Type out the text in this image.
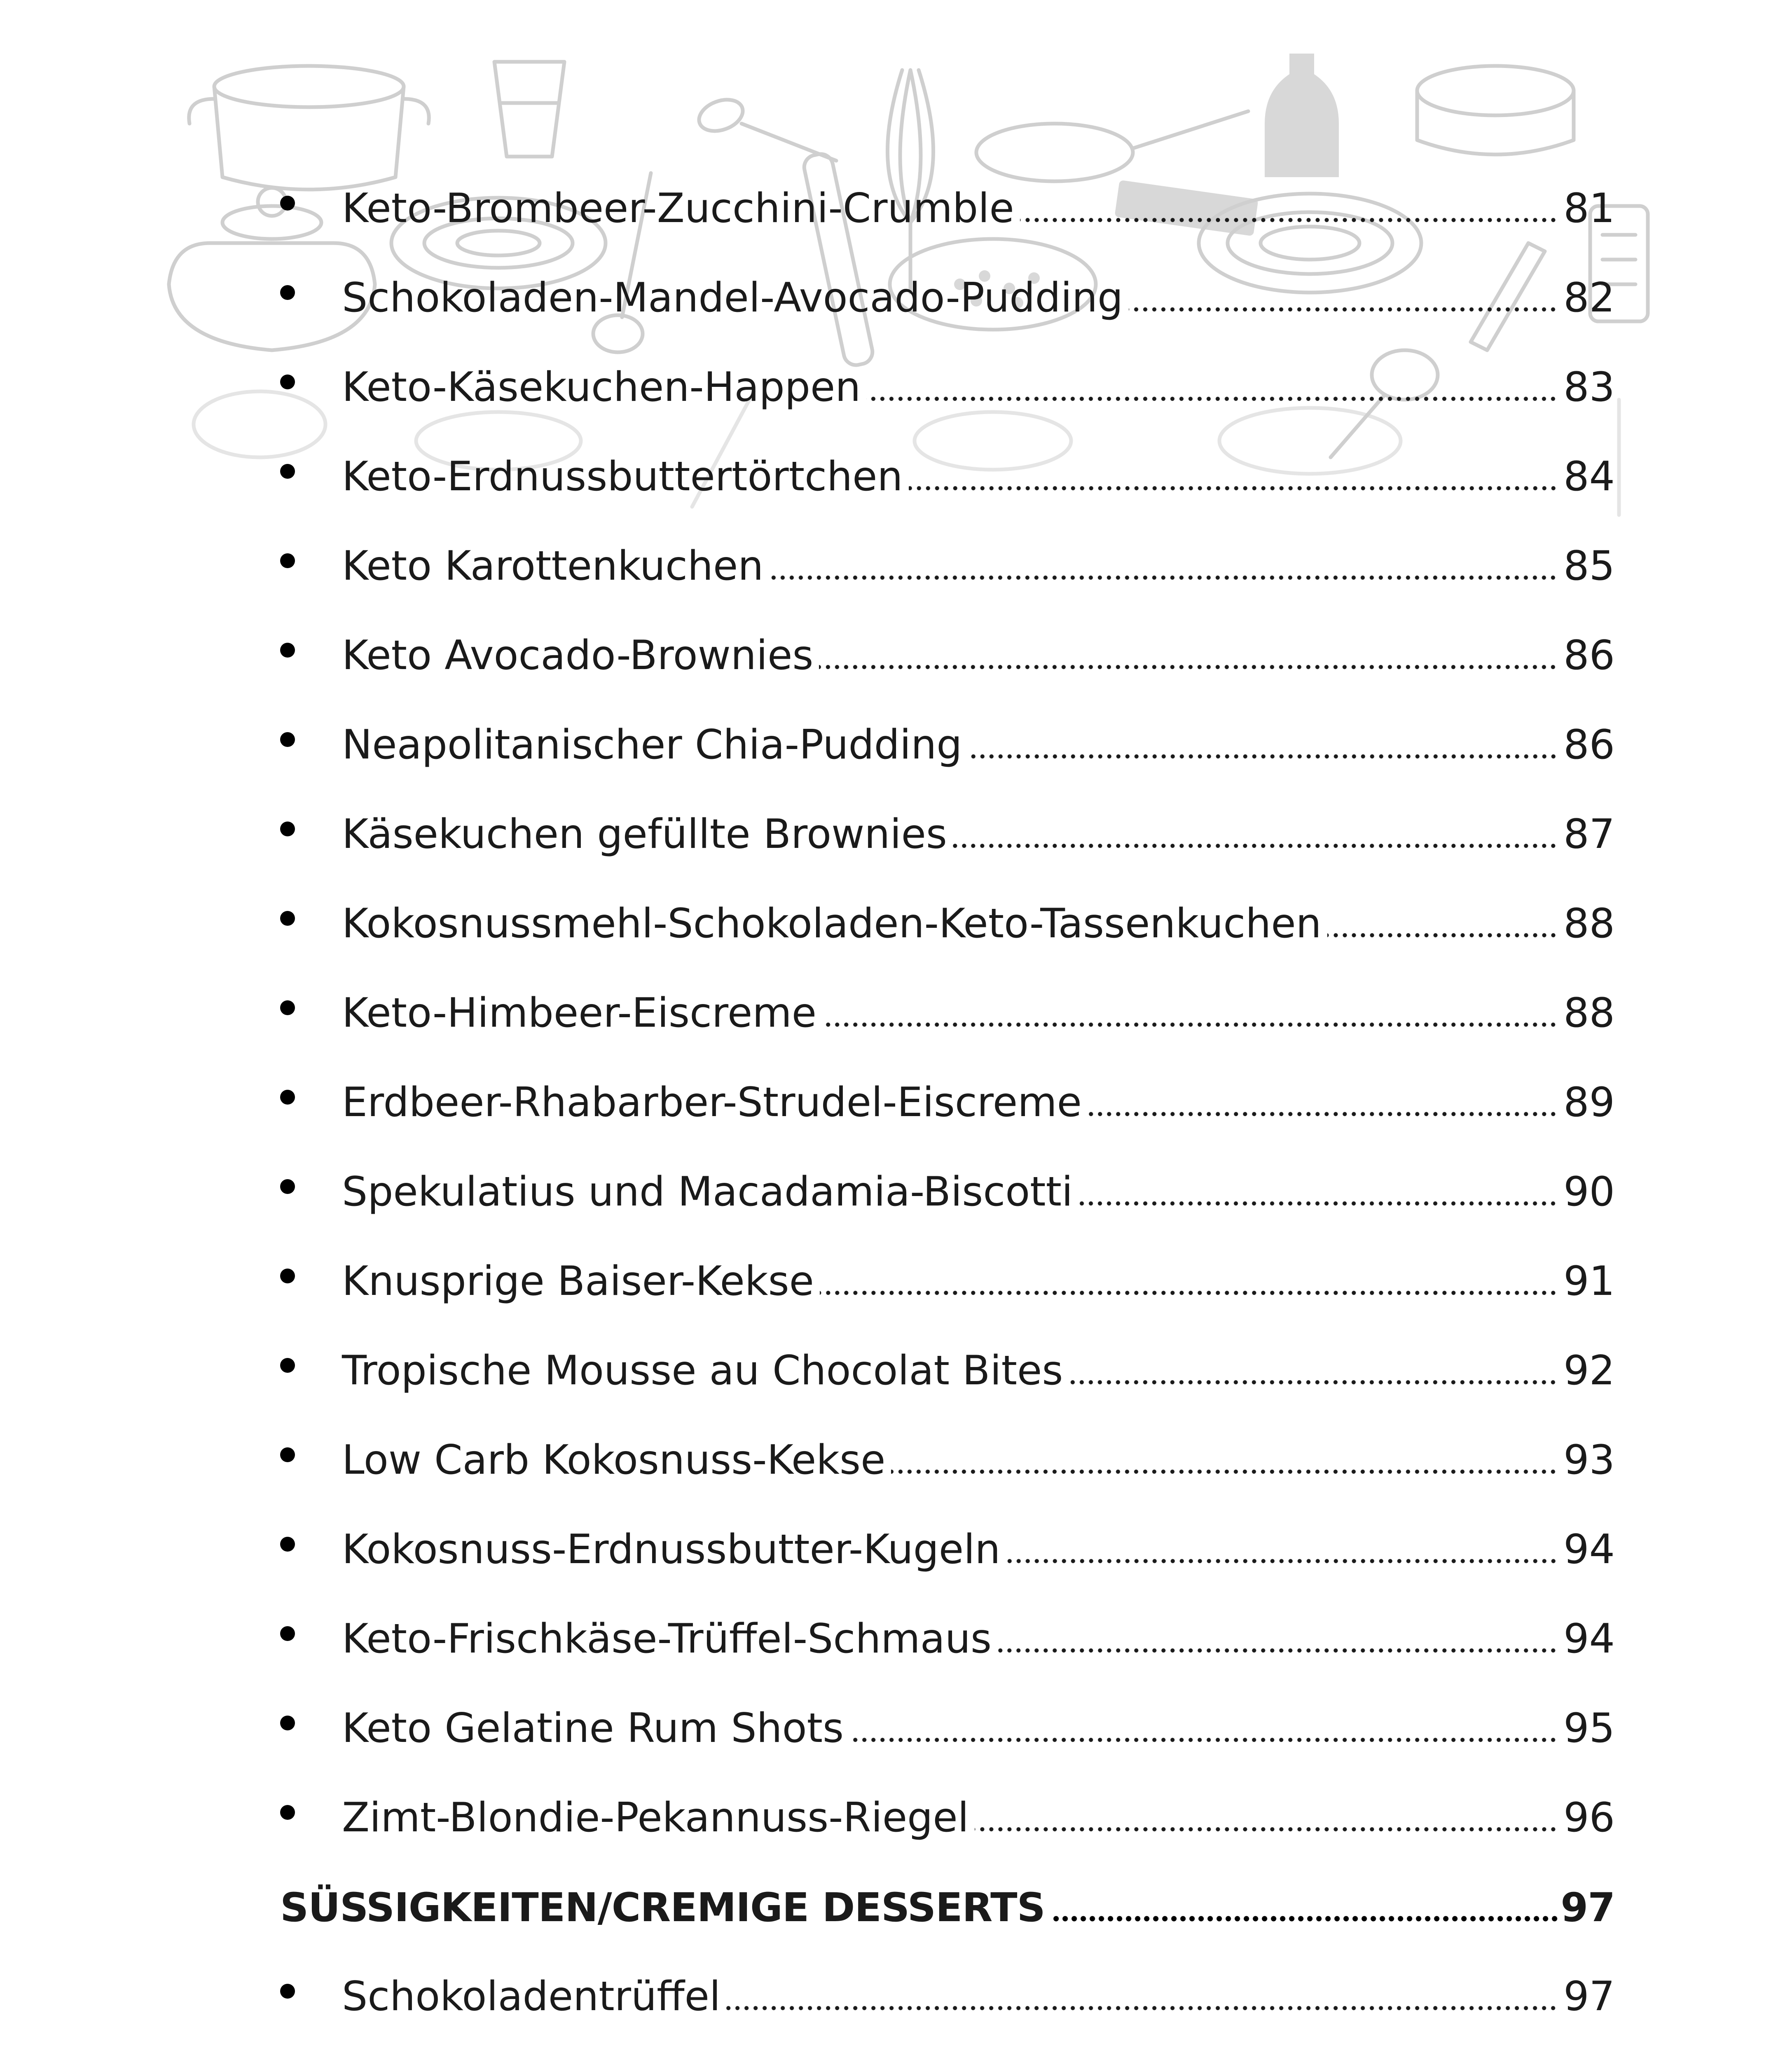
Keto-Brombeer-Zucchini-Crumble	81
Schokoladen-Mandel-Avocado-Pudding	82
Keto-Käsekuchen-Happen	83
Keto-Erdnussbuttertörtchen	84
Keto Karottenkuchen	85
Keto Avocado-Brownies	86
Neapolitanischer Chia-Pudding	86
Käsekuchen gefüllte Brownies	87
Kokosnussmehl-Schokoladen-Keto-Tassenkuchen	88
Keto-Himbeer-Eiscreme	88
Erdbeer-Rhabarber-Strudel-Eiscreme	89
Spekulatius und Macadamia-Biscotti	90
Knusprige Baiser-Kekse	91
Tropische Mousse au Chocolat Bites	92
Low Carb Kokosnuss-Kekse	93
Kokosnuss-Erdnussbutter-Kugeln	94
Keto-Frischkäse-Trüffel-Schmaus	94
Keto Gelatine Rum Shots	95
Zimt-Blondie-Pekannuss-Riegel	96
SÜSSIGKEITEN/CREMIGE DESSERTS	97
Schokoladentrüffel	97
